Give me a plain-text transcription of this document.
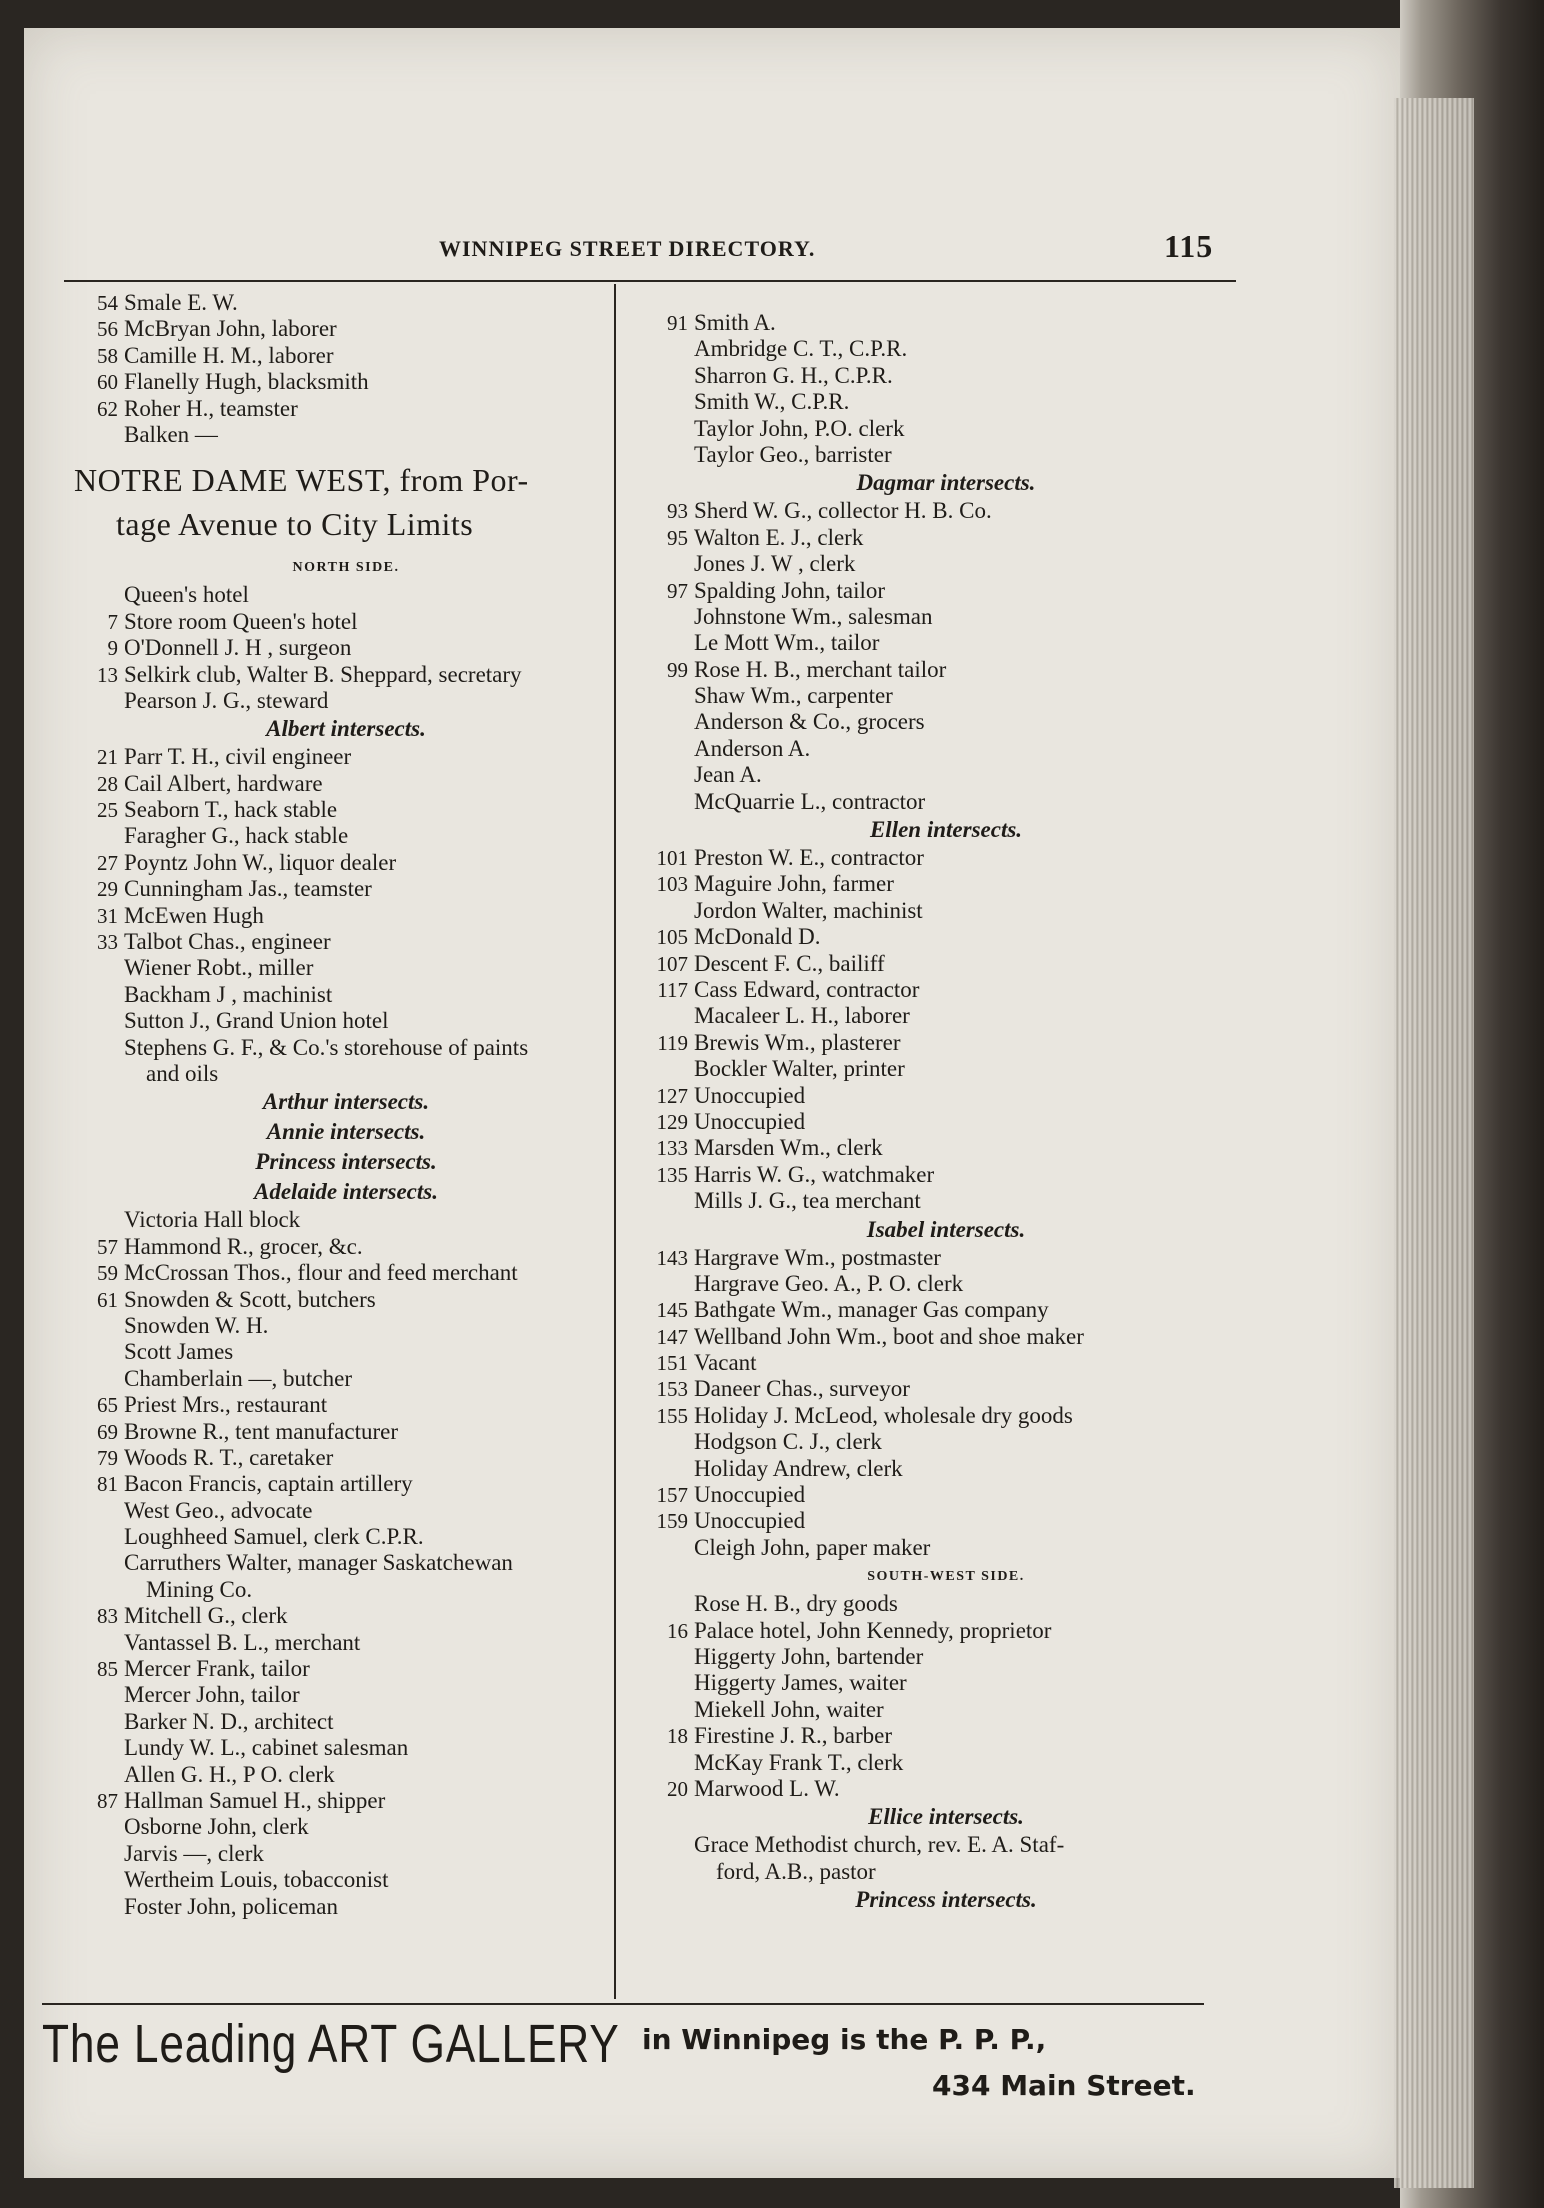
WINNIPEG STREET DIRECTORY.	115
54 Smale E. W.
56 McBryan John, laborer
58 Camille H. M., laborer
60 Flanelly Hugh, blacksmith
62 Roher H., teamster
Balken —
NOTRE DAME WEST, from Por-
tage Avenue to City Limits
NORTH SIDE.
Queen's hotel
7 Store room Queen's hotel
9 O'Donnell J. H , surgeon
13 Selkirk club, Walter B. Sheppard, secretary
Pearson J. G., steward
Albert intersects.
21 Parr T. H., civil engineer
28 Cail Albert, hardware
25 Seaborn T., hack stable
Faragher G., hack stable
27 Poyntz John W., liquor dealer
29 Cunningham Jas., teamster
31 McEwen Hugh
33 Talbot Chas., engineer
Wiener Robt., miller
Backham J , machinist
Sutton J., Grand Union hotel
Stephens G. F., & Co.'s storehouse of paints
and oils
Arthur intersects.
Annie intersects.
Princess intersects.
Adelaide intersects.
Victoria Hall block
57 Hammond R., grocer, &c.
59 McCrossan Thos., flour and feed merchant
61 Snowden & Scott, butchers
Snowden W. H.
Scott James
Chamberlain —, butcher
65 Priest Mrs., restaurant
69 Browne R., tent manufacturer
79 Woods R. T., caretaker
81 Bacon Francis, captain artillery
West Geo., advocate
Loughheed Samuel, clerk C.P.R.
Carruthers Walter, manager Saskatchewan
Mining Co.
83 Mitchell G., clerk
Vantassel B. L., merchant
85 Mercer Frank, tailor
Mercer John, tailor
Barker N. D., architect
Lundy W. L., cabinet salesman
Allen G. H., P O. clerk
87 Hallman Samuel H., shipper
Osborne John, clerk
Jarvis —, clerk
Wertheim Louis, tobacconist
Foster John, policeman
91 Smith A.
Ambridge C. T., C.P.R.
Sharron G. H., C.P.R.
Smith W., C.P.R.
Taylor John, P.O. clerk
Taylor Geo., barrister
Dagmar intersects.
93 Sherd W. G., collector H. B. Co.
95 Walton E. J., clerk
Jones J. W , clerk
97 Spalding John, tailor
Johnstone Wm., salesman
Le Mott Wm., tailor
99 Rose H. B., merchant tailor
Shaw Wm., carpenter
Anderson & Co., grocers
Anderson A.
Jean A.
McQuarrie L., contractor
Ellen intersects.
101 Preston W. E., contractor
103 Maguire John, farmer
Jordon Walter, machinist
105 McDonald D.
107 Descent F. C., bailiff
117 Cass Edward, contractor
Macaleer L. H., laborer
119 Brewis Wm., plasterer
Bockler Walter, printer
127 Unoccupied
129 Unoccupied
133 Marsden Wm., clerk
135 Harris W. G., watchmaker
Mills J. G., tea merchant
Isabel intersects.
143 Hargrave Wm., postmaster
Hargrave Geo. A., P. O. clerk
145 Bathgate Wm., manager Gas company
147 Wellband John Wm., boot and shoe maker
151 Vacant
153 Daneer Chas., surveyor
155 Holiday J. McLeod, wholesale dry goods
Hodgson C. J., clerk
Holiday Andrew, clerk
157 Unoccupied
159 Unoccupied
Cleigh John, paper maker
SOUTH-WEST SIDE.
Rose H. B., dry goods
16 Palace hotel, John Kennedy, proprietor
Higgerty John, bartender
Higgerty James, waiter
Miekell John, waiter
18 Firestine J. R., barber
McKay Frank T., clerk
20 Marwood L. W.
Ellice intersects.
Grace Methodist church, rev. E. A. Staf-
ford, A.B., pastor
Princess intersects.
The Leading ART GALLERY in Winnipeg is the P. P. P.,
434 Main Street.
